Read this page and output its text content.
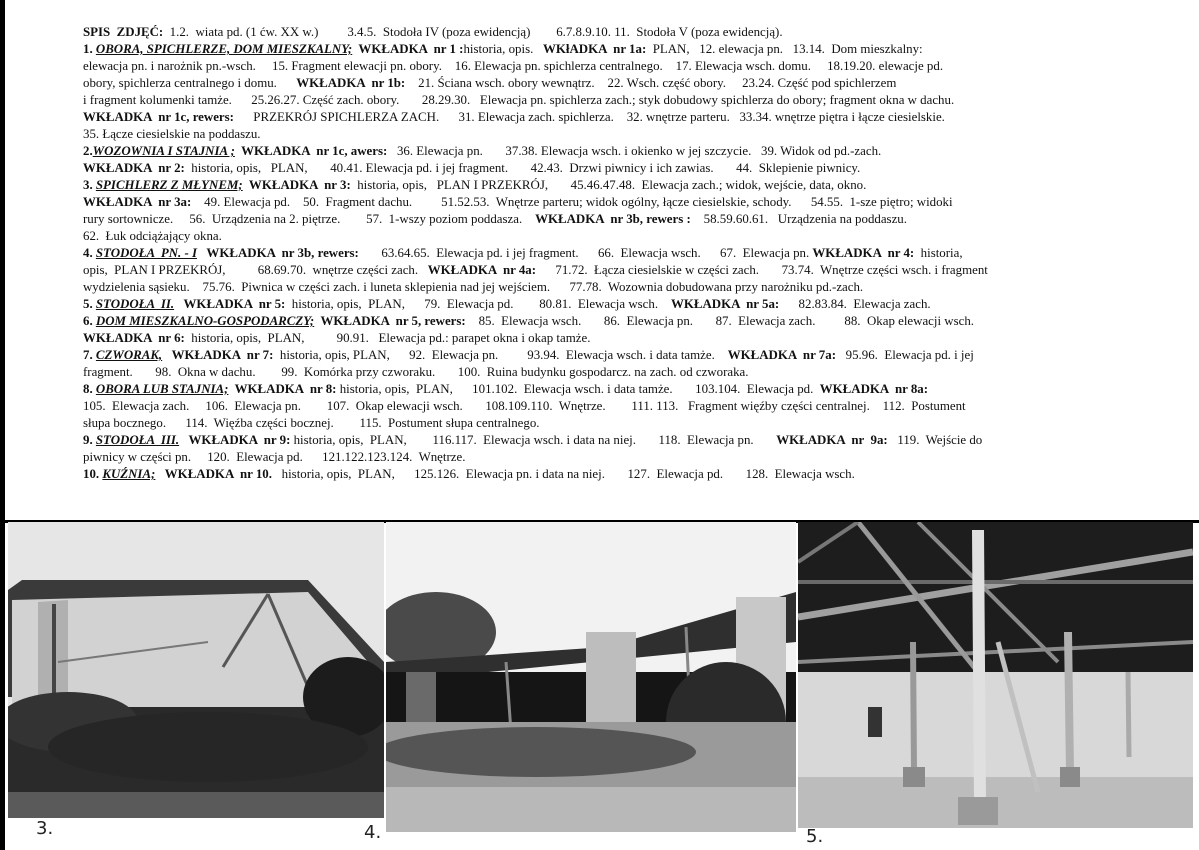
SPIS  ZDJĘĆ:  1.2.  wiata pd. (1 ćw. XX w.)         3.4.5.  Stodoła IV (poza ewidencją)        6.7.8.9.10. 11.  Stodoła V (poza ewidencją).
1. OBORA, SPICHLERZE, DOM MIESZKALNY;  WKŁADKA  nr 1 :historia, opis.   WKłADKA  nr 1a:  PLAN,   12. elewacja pn.   13.14.  Dom mieszkalny:
elewacja pn. i narożnik pn.-wsch.     15. Fragment elewacji pn. obory.    16. Elewacja pn. spichlerza centralnego.    17. Elewacja wsch. domu.     18.19.20. elewacje pd.
obory, spichlerza centralnego i domu.      WKŁADKA  nr 1b:    21. Ściana wsch. obory wewnątrz.    22. Wsch. część obory.     23.24. Część pod spichlerzem
i fragment kolumenki tamże.      25.26.27. Część zach. obory.       28.29.30.   Elewacja pn. spichlerza zach.; styk dobudowy spichlerza do obory; fragment okna w dachu.
WKŁADKA  nr 1c, rewers:      PRZEKRÓJ SPICHLERZA ZACH.      31. Elewacja zach. spichlerza.    32. wnętrze parteru.   33.34. wnętrze piętra i łącze ciesielskie.
35. Łącze ciesielskie na poddaszu.
2.WOZOWNIA I STAJNIA ;  WKŁADKA  nr 1c, awers:   36. Elewacja pn.       37.38. Elewacja wsch. i okienko w jej szczycie.   39. Widok od pd.-zach.
WKŁADKA  nr 2:  historia, opis,   PLAN,       40.41. Elewacja pd. i jej fragment.       42.43.  Drzwi piwnicy i ich zawias.       44.  Sklepienie piwnicy.
3. SPICHLERZ Z MŁYNEM;  WKŁADKA  nr 3:  historia, opis,   PLAN I PRZEKRÓJ,       45.46.47.48.  Elewacja zach.; widok, wejście, data, okno.
WKŁADKA  nr 3a:    49. Elewacja pd.    50.  Fragment dachu.         51.52.53.  Wnętrze parteru; widok ogólny, łącze ciesielskie, schody.      54.55.  1-sze piętro; widoki
rury sortownicze.     56.  Urządzenia na 2. piętrze.        57.  1-wszy poziom poddasza.    WKŁADKA  nr 3b, rewers :    58.59.60.61.   Urządzenia na poddaszu.
62.  Łuk odciążający okna.
4. STODOŁA  PN. - I   WKŁADKA  nr 3b, rewers:       63.64.65.  Elewacja pd. i jej fragment.      66.  Elewacja wsch.      67.  Elewacja pn. WKŁADKA  nr 4:  historia,
opis,  PLAN I PRZEKRÓJ,          68.69.70.  wnętrze części zach.   WKŁADKA  nr 4a:      71.72.  Łącza ciesielskie w części zach.       73.74.  Wnętrze części wsch. i fragment
wydzielenia sąsieku.    75.76.  Piwnica w części zach. i luneta sklepienia nad jej wejściem.      77.78.  Wozownia dobudowana przy narożniku pd.-zach.
5. STODOŁA  II.   WKŁADKA  nr 5:  historia, opis,  PLAN,      79.  Elewacja pd.        80.81.  Elewacja wsch.    WKŁADKA  nr 5a:      82.83.84.  Elewacja zach.
6. DOM MIESZKALNO-GOSPODARCZY;  WKŁADKA  nr 5, rewers:    85.  Elewacja wsch.       86.  Elewacja pn.       87.  Elewacja zach.         88.  Okap elewacji wsch.
WKŁADKA  nr 6:  historia, opis,  PLAN,          90.91.   Elewacja pd.: parapet okna i okap tamże.
7. CZWORAK,   WKŁADKA  nr 7:  historia, opis, PLAN,      92.  Elewacja pn.         93.94.  Elewacja wsch. i data tamże.    WKŁADKA  nr 7a:   95.96.  Elewacja pd. i jej
fragment.       98.  Okna w dachu.        99.  Komórka przy czworaku.       100.  Ruina budynku gospodarcz. na zach. od czworaka.
8. OBORA LUB STAJNIA;  WKŁADKA  nr 8: historia, opis,  PLAN,      101.102.  Elewacja wsch. i data tamże.       103.104.  Elewacja pd.  WKŁADKA  nr 8a:
105.  Elewacja zach.     106.  Elewacja pn.        107.  Okap elewacji wsch.       108.109.110.  Wnętrze.        111. 113.   Fragment więźby części centralnej.    112.  Postument
słupa bocznego.      114.  Więźba części bocznej.        115.  Postument słupa centralnego.
9. STODOŁA  III.   WKŁADKA  nr 9: historia, opis,  PLAN,        116.117.  Elewacja wsch. i data na niej.       118.  Elewacja pn.       WKŁADKA  nr  9a:   119.  Wejście do
piwnicy w części pn.     120.  Elewacja pd.      121.122.123.124.  Wnętrze.
10. KUŹNIA;   WKŁADKA  nr 10.   historia, opis,  PLAN,      125.126.  Elewacja pn. i data na niej.       127.  Elewacja pd.       128.  Elewacja wsch.
3.	4.	5.
